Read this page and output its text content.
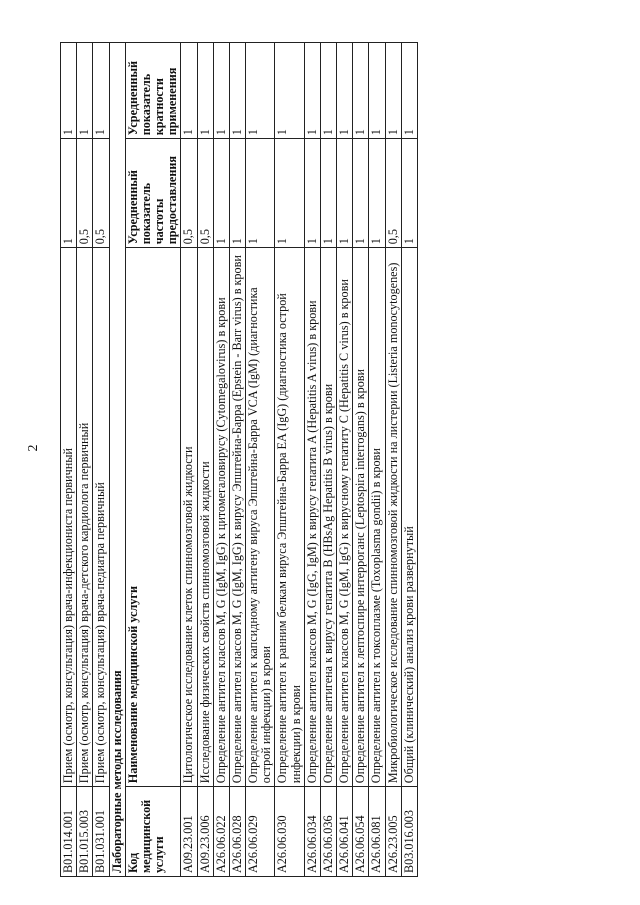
2
B01.014.001	Прием (осмотр, консультация) врача-инфекциониста первичный	1	1
B01.015.003	Прием (осмотр, консультация) врача-детского кардиолога первичный	0,5	1
B01.031.001	Прием (осмотр, консультация) врача-педиатра первичный	0,5	1
Лабораторные методы исследования			
Код медицинской услуги	Наименование медицинской услуги	Усредненный показатель частоты предоставления	Усредненный показатель кратности применения
A09.23.001	Цитологическое исследование клеток спинномозговой жидкости	0,5	1
A09.23.006	Исследование физических свойств спинномозговой жидкости	0,5	1
A26.06.022	Определение антител классов M, G (IgM, IgG) к цитомегаловирусу (Cytomegalovirus) в крови	1	1
A26.06.028	Определение антител классов M, G (IgM, IgG) к вирусу Эпштейна-Барра (Epstein - Barr virus) в крови	1	1
A26.06.029	Определение антител к капсидному антигену вируса Эпштейна-Барра VCA (IgM) (диагностика острой инфекции) в крови	1	1
A26.06.030	Определение антител к ранним белкам вируса Эпштейна-Барра EA (IgG) (диагностика острой инфекции) в крови	1	1
A26.06.034	Определение антител классов M, G (IgG, IgM) к вирусу гепатита A (Hepatitis A virus) в крови	1	1
A26.06.036	Определение антигена к вирусу гепатита B (HBsAg Hepatitis B virus) в крови	1	1
A26.06.041	Определение антител классов M, G (IgM, IgG) к вирусному гепатиту C (Hepatitis C virus) в крови	1	1
A26.06.054	Определение антител к лептоспире интерроганс (Leptospira interrogans) в крови	1	1
A26.06.081	Определение антител к токсоплазме (Toxoplasma gondii) в крови	1	1
A26.23.005	Микробиологическое исследование спинномозговой жидкости на листерии (Listeria monocytogenes)	0,5	1
B03.016.003	Общий (клинический) анализ крови развернутый	1	1
